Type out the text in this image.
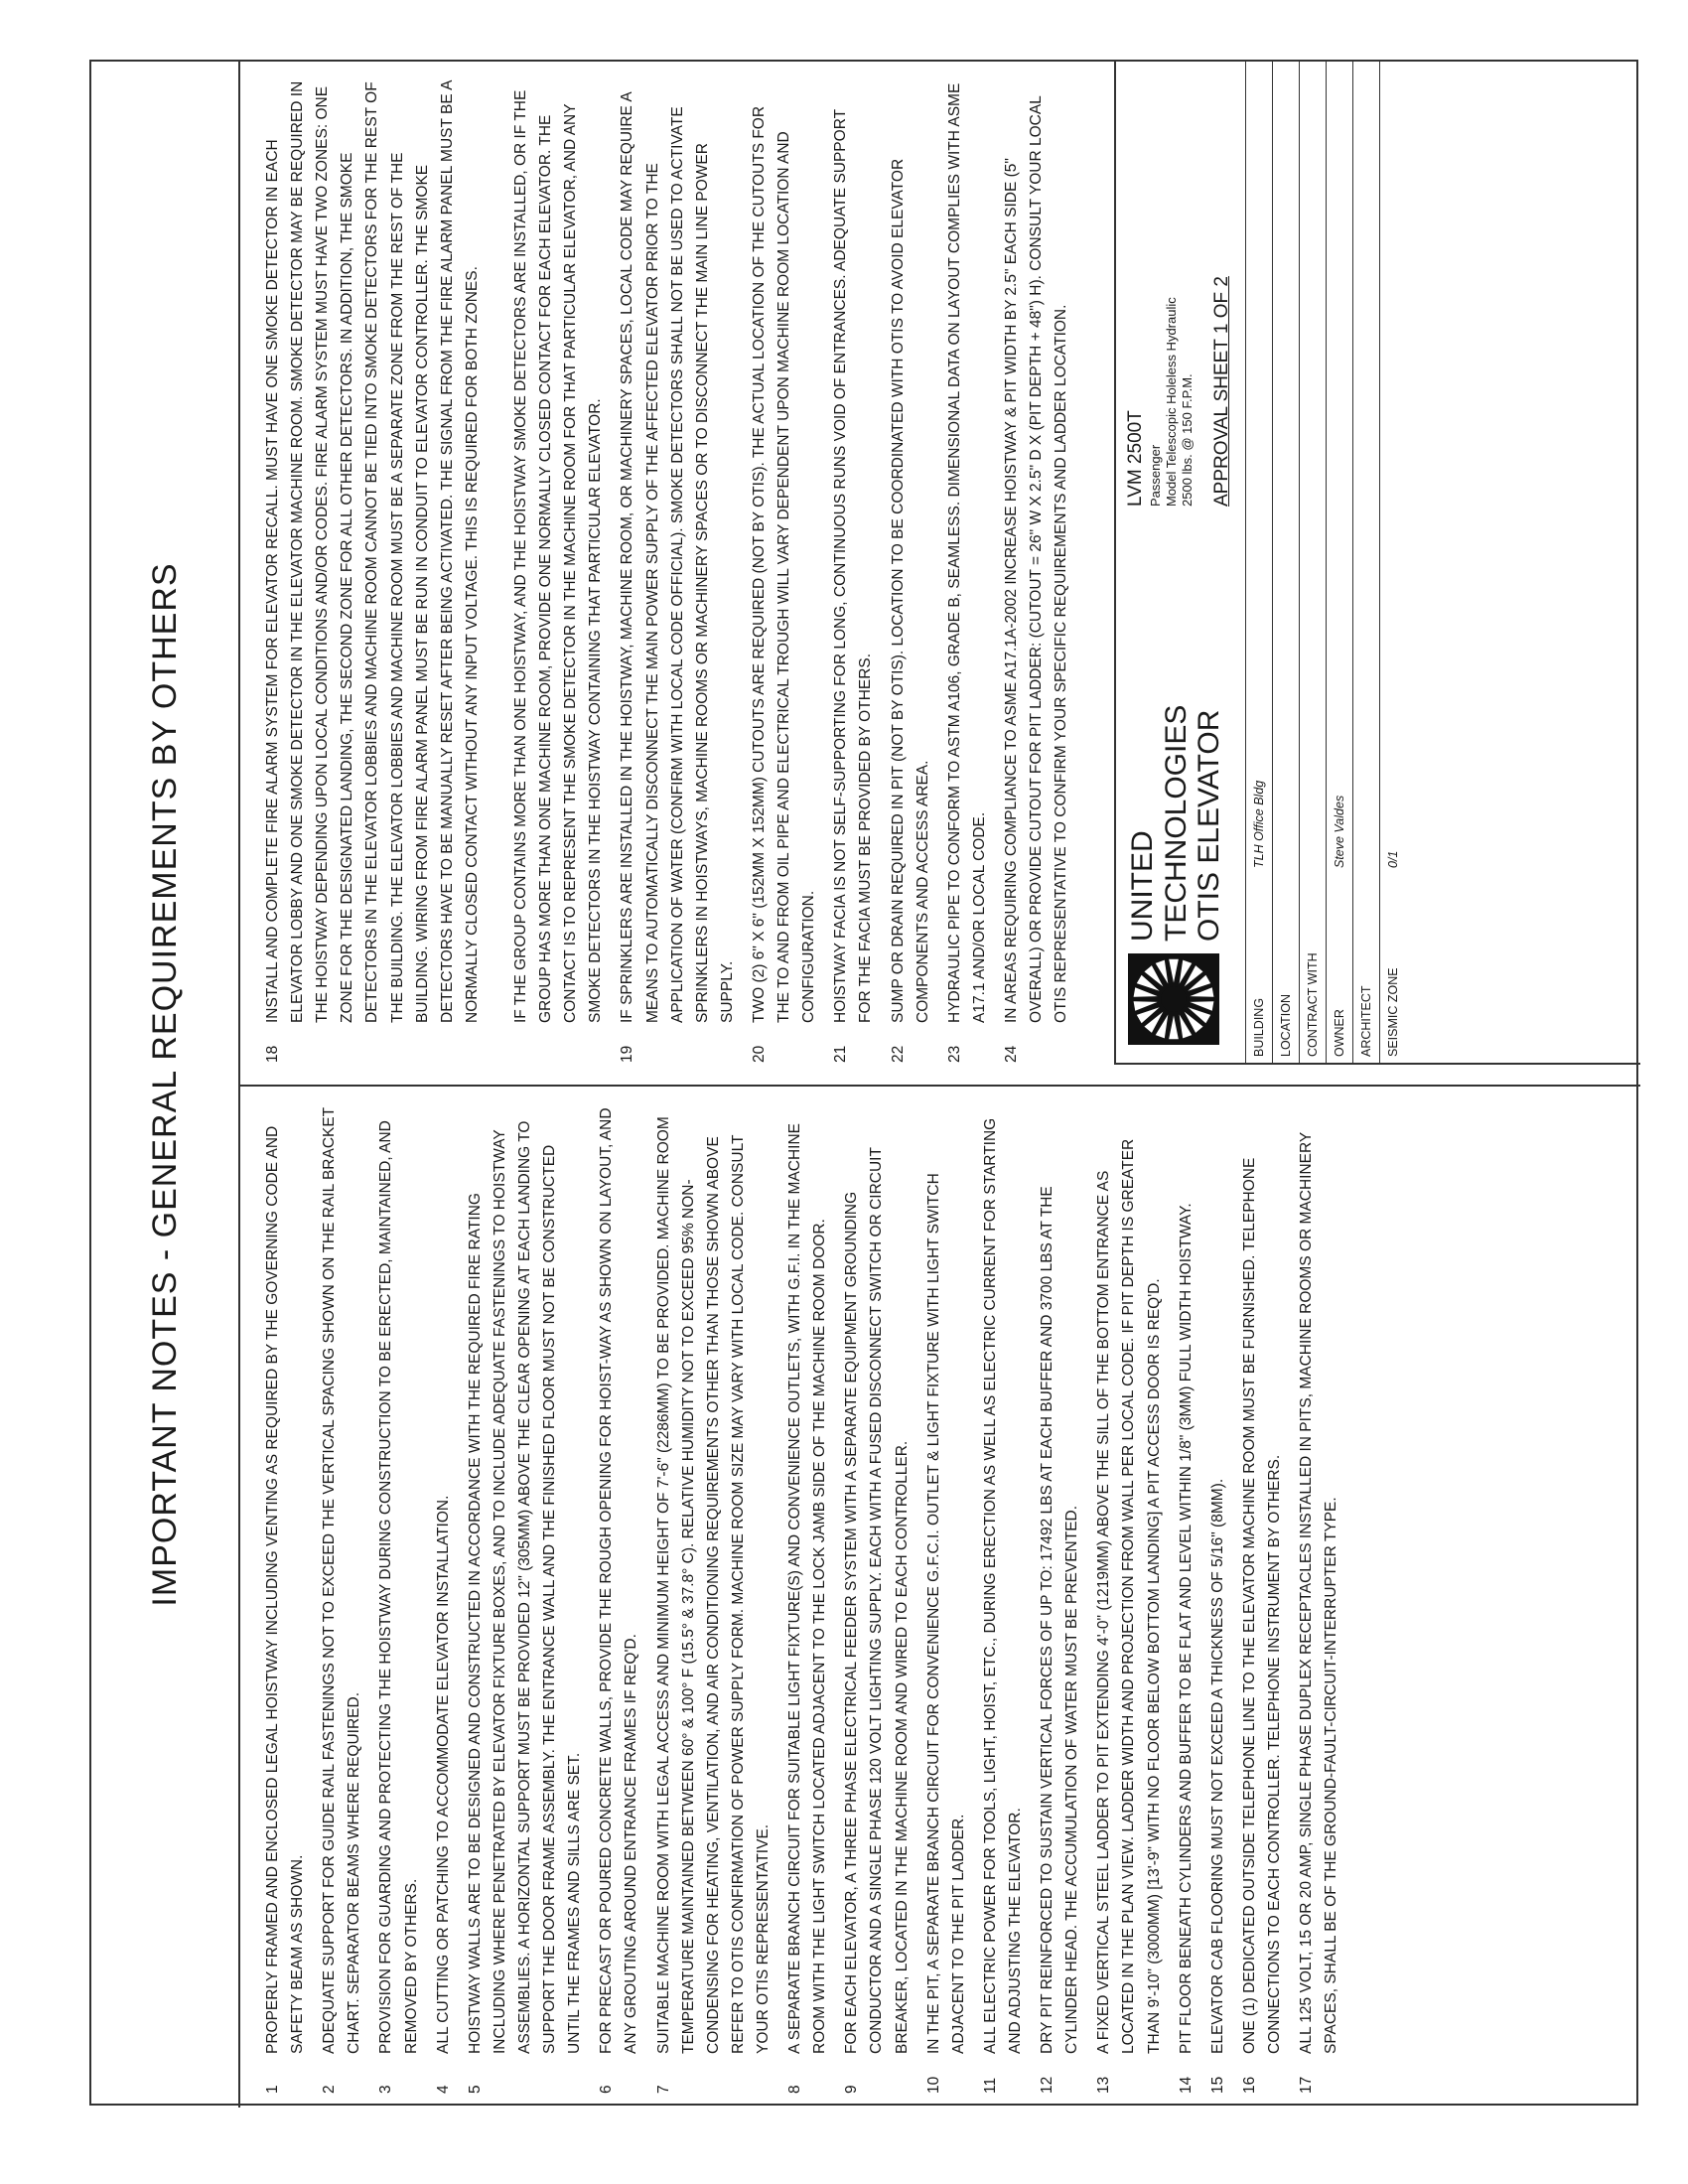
IMPORTANT NOTES - GENERAL REQUIREMENTS BY OTHERS
1
PROPERLY FRAMED AND ENCLOSED LEGAL HOISTWAY INCLUDING VENTING AS REQUIRED BY THE GOVERNING CODE AND SAFETY BEAM AS SHOWN.
2
ADEQUATE SUPPORT FOR GUIDE RAIL FASTENINGS NOT TO EXCEED THE VERTICAL SPACING SHOWN ON THE RAIL BRACKET CHART. SEPARATOR BEAMS WHERE REQUIRED.
3
PROVISION FOR GUARDING AND PROTECTING THE HOISTWAY DURING CONSTRUCTION TO BE ERECTED, MAINTAINED, AND REMOVED BY OTHERS.
4
ALL CUTTING OR PATCHING TO ACCOMMODATE ELEVATOR INSTALLATION.
5
HOISTWAY WALLS ARE TO BE DESIGNED AND CONSTRUCTED IN ACCORDANCE WITH THE REQUIRED FIRE RATING INCLUDING WHERE PENETRATED BY ELEVATOR FIXTURE BOXES, AND TO INCLUDE ADEQUATE FASTENINGS TO HOISTWAY ASSEMBLIES. A HORIZONTAL SUPPORT MUST BE PROVIDED 12" (305MM) ABOVE THE CLEAR OPENING AT EACH LANDING TO SUPPORT THE DOOR FRAME ASSEMBLY. THE ENTRANCE WALL AND THE FINISHED FLOOR MUST NOT BE CONSTRUCTED UNTIL THE FRAMES AND SILLS ARE SET.
6
FOR PRECAST OR POURED CONCRETE WALLS, PROVIDE THE ROUGH OPENING FOR HOIST-WAY AS SHOWN ON LAYOUT, AND ANY GROUTING AROUND ENTRANCE FRAMES IF REQ'D.
7
SUITABLE MACHINE ROOM WITH LEGAL ACCESS AND MINIMUM HEIGHT OF 7'-6" (2286MM) TO BE PROVIDED. MACHINE ROOM TEMPERATURE MAINTAINED BETWEEN 60° & 100° F (15.5° & 37.8° C). RELATIVE HUMIDITY NOT TO EXCEED 95% NON-CONDENSING FOR HEATING, VENTILATION, AND AIR CONDITIONING REQUIREMENTS OTHER THAN THOSE SHOWN ABOVE REFER TO OTIS CONFIRMATION OF POWER SUPPLY FORM. MACHINE ROOM SIZE MAY VARY WITH LOCAL CODE. CONSULT YOUR OTIS REPRESENTATIVE.
8
A SEPARATE BRANCH CIRCUIT FOR SUITABLE LIGHT FIXTURE(S) AND CONVENIENCE OUTLETS, WITH G.F.I. IN THE MACHINE ROOM WITH THE LIGHT SWITCH LOCATED ADJACENT TO THE LOCK JAMB SIDE OF THE MACHINE ROOM DOOR.
9
FOR EACH ELEVATOR, A THREE PHASE ELECTRICAL FEEDER SYSTEM WITH A SEPARATE EQUIPMENT GROUNDING CONDUCTOR AND A SINGLE PHASE 120 VOLT LIGHTING SUPPLY. EACH WITH A FUSED DISCONNECT SWITCH OR CIRCUIT BREAKER, LOCATED IN THE MACHINE ROOM AND WIRED TO EACH CONTROLLER.
10
IN THE PIT, A SEPARATE BRANCH CIRCUIT FOR CONVENIENCE G.F.C.I. OUTLET & LIGHT FIXTURE WITH LIGHT SWITCH ADJACENT TO THE PIT LADDER.
11
ALL ELECTRIC POWER FOR TOOLS, LIGHT, HOIST, ETC., DURING ERECTION AS WELL AS ELECTRIC CURRENT FOR STARTING AND ADJUSTING THE ELEVATOR.
12
DRY PIT REINFORCED TO SUSTAIN VERTICAL FORCES OF UP TO: 17492 LBS AT EACH BUFFER AND 3700 LBS AT THE CYLINDER HEAD. THE ACCUMULATION OF WATER MUST BE PREVENTED.
13
A FIXED VERTICAL STEEL LADDER TO PIT EXTENDING 4'-0" (1219MM) ABOVE THE SILL OF THE BOTTOM ENTRANCE AS LOCATED IN THE PLAN VIEW. LADDER WIDTH AND PROJECTION FROM WALL PER LOCAL CODE. IF PIT DEPTH IS GREATER THAN 9'-10" (3000MM) [13'-9" WITH NO FLOOR BELOW BOTTOM LANDING] A PIT ACCESS DOOR IS REQ'D.
14
PIT FLOOR BENEATH CYLINDERS AND BUFFER TO BE FLAT AND LEVEL WITHIN 1/8" (3MM) FULL WIDTH HOISTWAY.
15
ELEVATOR CAB FLOORING MUST NOT EXCEED A THICKNESS OF 5/16" (8MM).
16
ONE (1) DEDICATED OUTSIDE TELEPHONE LINE TO THE ELEVATOR MACHINE ROOM MUST BE FURNISHED. TELEPHONE CONNECTIONS TO EACH CONTROLLER. TELEPHONE INSTRUMENT BY OTHERS.
17
ALL 125 VOLT, 15 OR 20 AMP, SINGLE PHASE DUPLEX RECEPTACLES INSTALLED IN PITS, MACHINE ROOMS OR MACHINERY SPACES, SHALL BE OF THE GROUND-FAULT-CIRCUIT-INTERRUPTER TYPE.
18

INSTALL AND COMPLETE FIRE ALARM SYSTEM FOR ELEVATOR RECALL. MUST HAVE ONE SMOKE DETECTOR IN EACH ELEVATOR LOBBY AND ONE SMOKE DETECTOR IN THE ELEVATOR MACHINE ROOM. SMOKE DETECTOR MAY BE REQUIRED IN THE HOISTWAY DEPENDING UPON LOCAL CONDITIONS AND/OR CODES. FIRE ALARM SYSTEM MUST HAVE TWO ZONES: ONE ZONE FOR THE DESIGNATED LANDING, THE SECOND ZONE FOR ALL OTHER DETECTORS. IN ADDITION, THE SMOKE DETECTORS IN THE ELEVATOR LOBBIES AND MACHINE ROOM CANNOT BE TIED INTO SMOKE DETECTORS FOR THE REST OF THE BUILDING. THE ELEVATOR LOBBIES AND MACHINE ROOM MUST BE A SEPARATE ZONE FROM THE REST OF THE BUILDING. WIRING FROM FIRE ALARM PANEL MUST BE RUN IN CONDUIT TO ELEVATOR CONTROLLER. THE SMOKE DETECTORS HAVE TO BE MANUALLY RESET AFTER BEING ACTIVATED. THE SIGNAL FROM THE FIRE ALARM PANEL MUST BE A NORMALLY CLOSED CONTACT WITHOUT ANY INPUT VOLTAGE. THIS IS REQUIRED FOR BOTH ZONES. IF THE GROUP CONTAINS MORE THAN ONE HOISTWAY, AND THE HOISTWAY SMOKE DETECTORS ARE INSTALLED, OR IF THE GROUP HAS MORE THAN ONE MACHINE ROOM, PROVIDE ONE NORMALLY CLOSED CONTACT FOR EACH ELEVATOR. THE CONTACT IS TO REPRESENT THE SMOKE DETECTOR IN THE MACHINE ROOM FOR THAT PARTICULAR ELEVATOR, AND ANY SMOKE DETECTORS IN THE HOISTWAY CONTAINING THAT PARTICULAR ELEVATOR.

19
IF SPRINKLERS ARE INSTALLED IN THE HOISTWAY, MACHINE ROOM, OR MACHINERY SPACES, LOCAL CODE MAY REQUIRE A MEANS TO AUTOMATICALLY DISCONNECT THE MAIN POWER SUPPLY OF THE AFFECTED ELEVATOR PRIOR TO THE APPLICATION OF WATER (CONFIRM WITH LOCAL CODE OFFICIAL). SMOKE DETECTORS SHALL NOT BE USED TO ACTIVATE SPRINKLERS IN HOISTWAYS, MACHINE ROOMS OR MACHINERY SPACES OR TO DISCONNECT THE MAIN LINE POWER SUPPLY.
20
TWO (2) 6" X 6" (152MM X 152MM) CUTOUTS ARE REQUIRED (NOT BY OTIS). THE ACTUAL LOCATION OF THE CUTOUTS FOR THE TO AND FROM OIL PIPE AND ELECTRICAL TROUGH WILL VARY DEPENDENT UPON MACHINE ROOM LOCATION AND CONFIGURATION.
21
HOISTWAY FACIA IS NOT SELF-SUPPORTING FOR LONG, CONTINUOUS RUNS VOID OF ENTRANCES. ADEQUATE SUPPORT FOR THE FACIA MUST BE PROVIDED BY OTHERS.
22
SUMP OR DRAIN REQUIRED IN PIT (NOT BY OTIS). LOCATION TO BE COORDINATED WITH OTIS TO AVOID ELEVATOR COMPONENTS AND ACCESS AREA.
23
HYDRAULIC PIPE TO CONFORM TO ASTM A106, GRADE B, SEAMLESS. DIMENSIONAL DATA ON LAYOUT COMPLIES WITH ASME A17.1 AND/OR LOCAL CODE.
24
IN AREAS REQUIRING COMPLIANCE TO ASME A17.1A-2002 INCREASE HOISTWAY & PIT WIDTH BY 2.5" EACH SIDE (5" OVERALL) OR PROVIDE CUTOUT FOR PIT LADDER: (CUTOUT = 26" W X 2.5" D X (PIT DEPTH + 48") H). CONSULT YOUR LOCAL OTIS REPRESENTATIVE TO CONFIRM YOUR SPECIFIC REQUIREMENTS AND LADDER LOCATION. UNITED TECHNOLOGIES OTIS ELEVATOR
LVM 2500T Passenger Model Telescopic Holeless Hydraulic 2500 lbs. @ 150 F.P.M. APPROVAL SHEET 1 OF 2
BUILDING
TLH Office Bldg
LOCATION CONTRACT WITH OWNER
Steve Valdes
ARCHITECT SEISMIC ZONE
0/1
